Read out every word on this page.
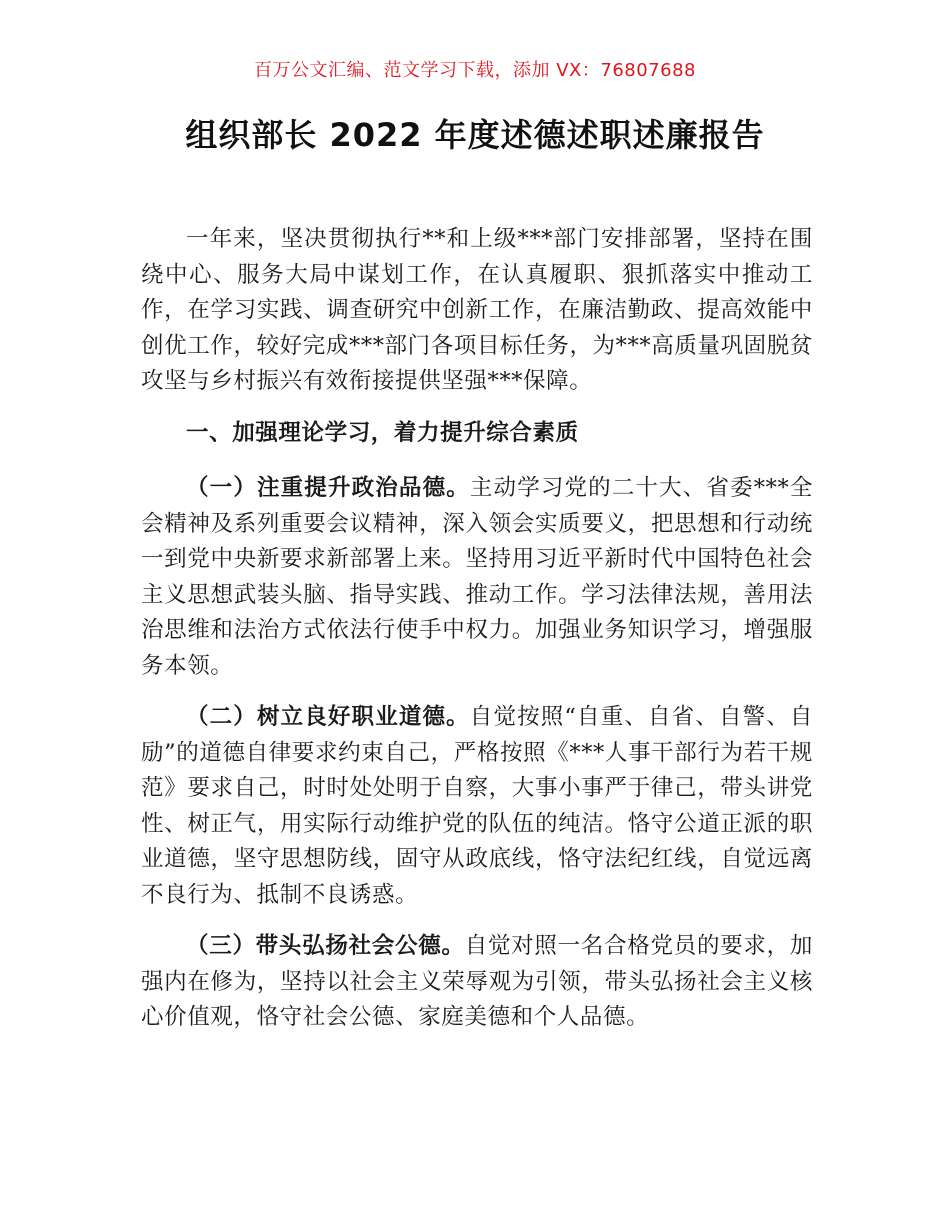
百万公文汇编、范文学习下载，添加 VX：76807688
组织部长 2022 年度述德述职述廉报告

一年来，坚决贯彻执行**和上级***部门安排部署，坚持在围绕中心、服务大局中谋划工作，在认真履职、狠抓落实中推动工作，在学习实践、调查研究中创新工作，在廉洁勤政、提高效能中创优工作，较好完成***部门各项目标任务，为***高质量巩固脱贫攻坚与乡村振兴有效衔接提供坚强***保障。

一、加强理论学习，着力提升综合素质

（一）注重提升政治品德。主动学习党的二十大、省委***全会精神及系列重要会议精神，深入领会实质要义，把思想和行动统一到党中央新要求新部署上来。坚持用习近平新时代中国特色社会主义思想武装头脑、指导实践、推动工作。学习法律法规，善用法治思维和法治方式依法行使手中权力。加强业务知识学习，增强服务本领。

（二）树立良好职业道德。自觉按照“自重、自省、自警、自励”的道德自律要求约束自己，严格按照《***人事干部行为若干规范》要求自己，时时处处明于自察，大事小事严于律己，带头讲党性、树正气，用实际行动维护党的队伍的纯洁。恪守公道正派的职业道德，坚守思想防线，固守从政底线，恪守法纪红线，自觉远离不良行为、抵制不良诱惑。

（三）带头弘扬社会公德。自觉对照一名合格党员的要求，加强内在修为，坚持以社会主义荣辱观为引领，带头弘扬社会主义核心价值观，恪守社会公德、家庭美德和个人品德。
